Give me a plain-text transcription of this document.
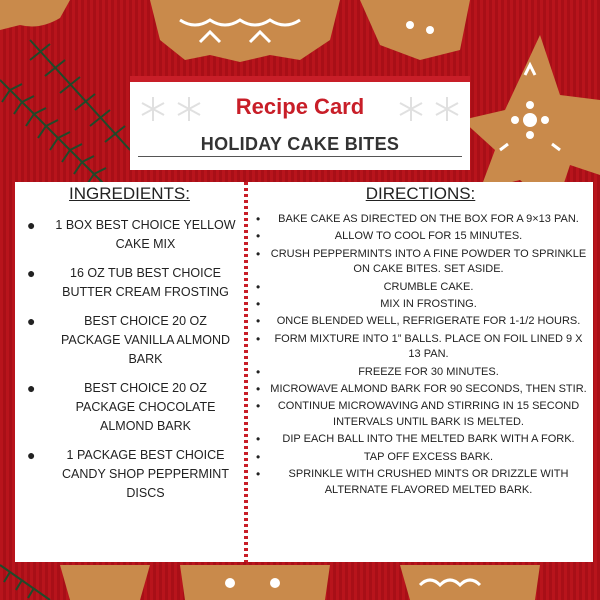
Recipe Card
HOLIDAY CAKE BITES
INGREDIENTS:
● 1 BOX BEST CHOICE YELLOW CAKE MIX
●	16 OZ TUB BEST CHOICE BUTTER CREAM FROSTING
●	BEST CHOICE 20 OZ PACKAGE VANILLA ALMOND BARK
●	BEST CHOICE 20 OZ PACKAGE CHOCOLATE ALMOND BARK
● 1 PACKAGE BEST CHOICE CANDY SHOP PEPPERMINT DISCS
DIRECTIONS:
• BAKE CAKE AS DIRECTED ON THE BOX FOR A 9×13 PAN.
•	ALLOW TO COOL FOR 15 MINUTES.
• CRUSH PEPPERMINTS INTO A FINE POWDER TO SPRINKLE ON CAKE BITES. SET ASIDE.
•	CRUMBLE CAKE.
•	MIX IN FROSTING.
• ONCE BLENDED WELL, REFRIGERATE FOR 1-1/2 HOURS.
• FORM MIXTURE INTO 1” BALLS. PLACE ON FOIL LINED 9 X 13 PAN.
•	FREEZE FOR 30 MINUTES.
• MICROWAVE ALMOND BARK FOR 90 SECONDS, THEN STIR.
• CONTINUE MICROWAVING AND STIRRING IN 15 SECOND INTERVALS UNTIL BARK IS MELTED.
• DIP EACH BALL INTO THE MELTED BARK WITH A FORK.
•	TAP OFF EXCESS BARK.
•	SPRINKLE WITH CRUSHED MINTS OR DRIZZLE WITH ALTERNATE FLAVORED MELTED BARK.
